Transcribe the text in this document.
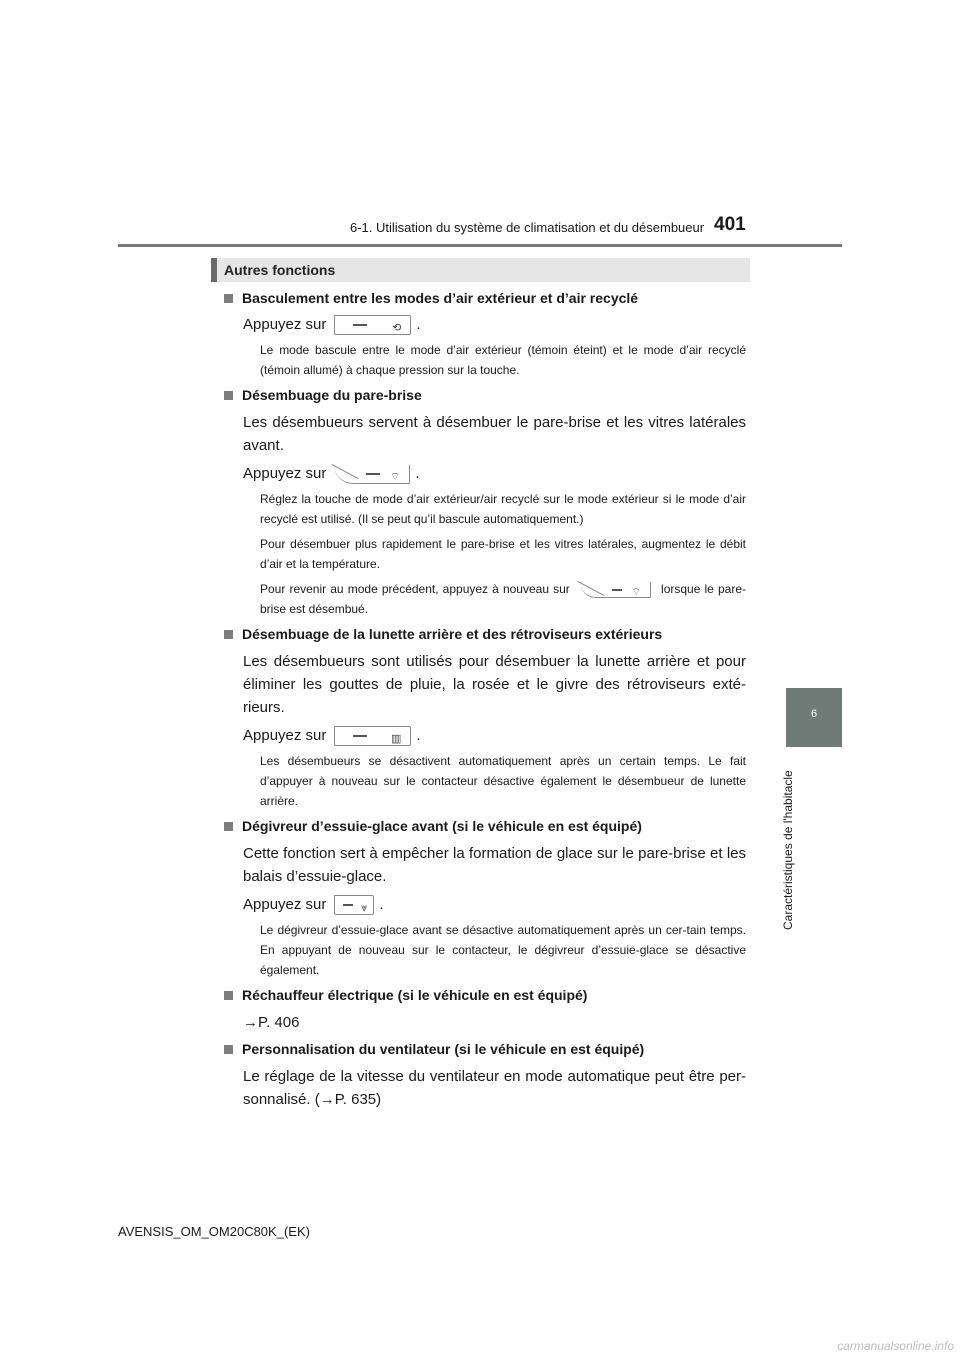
6-1. Utilisation du système de climatisation et du désembueur 401
6
Caractéristiques de l'habitacle
Autres fonctions
Basculement entre les modes d’air extérieur et d’air recyclé
Appuyez sur	⟲ .
Le mode bascule entre le mode d’air extérieur (témoin éteint) et le mode d’air recyclé (témoin allumé) à chaque pression sur la touche.
Désembuage du pare-brise
Les désembueurs servent à désembuer le pare-brise et les vitres latérales avant.
Appuyez sur	⌔ .
Réglez la touche de mode d’air extérieur/air recyclé sur le mode extérieur si le mode d’air recyclé est utilisé. (Il se peut qu’il bascule automatiquement.)
Pour désembuer plus rapidement le pare-brise et les vitres latérales, augmentez le débit d’air et la température.
Pour revenir au mode précédent, appuyez à nouveau sur	⌔ lorsque le pare-brise est désembué.
Désembuage de la lunette arrière et des rétroviseurs extérieurs
Les désembueurs sont utilisés pour désembuer la lunette arrière et pour éliminer les gouttes de pluie, la rosée et le givre des rétroviseurs exté-rieurs.
Appuyez sur	▥ .
Les désembueurs se désactivent automatiquement après un certain temps. Le fait d’appuyer à nouveau sur le contacteur désactive également le désembueur de lunette arrière.
Dégivreur d’essuie-glace avant (si le véhicule en est équipé)
Cette fonction sert à empêcher la formation de glace sur le pare-brise et les balais d’essuie-glace.
Appuyez sur	⩔ .
Le dégivreur d’essuie-glace avant se désactive automatiquement après un cer-tain temps. En appuyant de nouveau sur le contacteur, le dégivreur d’essuie-glace se désactive également.
Réchauffeur électrique (si le véhicule en est équipé)
→P. 406
Personnalisation du ventilateur (si le véhicule en est équipé)
Le réglage de la vitesse du ventilateur en mode automatique peut être per-sonnalisé. (→P. 635)
AVENSIS_OM_OM20C80K_(EK)
carmanualsonline.info
